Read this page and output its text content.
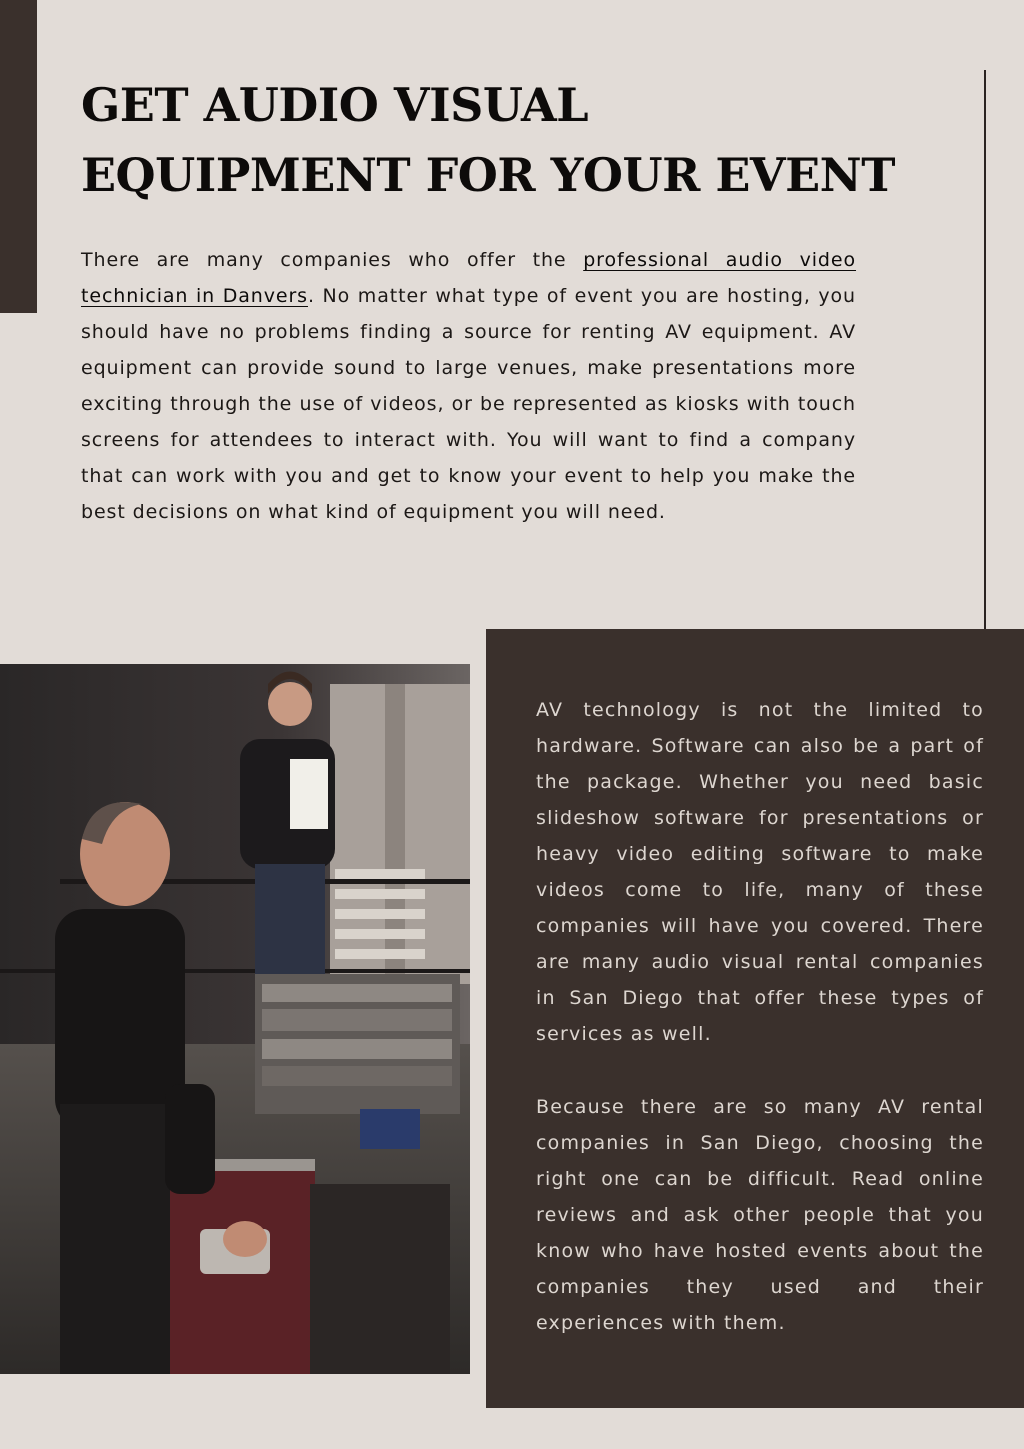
GET AUDIO VISUAL
EQUIPMENT FOR YOUR EVENT

There are many companies who offer the professional audio video technician in Danvers. No matter what type of event you are hosting, you should have no problems finding a source for renting AV equipment. AV equipment can provide sound to large venues, make presentations more exciting through the use of videos, or be represented as kiosks with touch screens for attendees to interact with. You will want to find a company that can work with you and get to know your event to help you make the best decisions on what kind of equipment you will need.

AV technology is not the limited to hardware. Software can also be a part of the package. Whether you need basic slideshow software for presentations or heavy video editing software to make videos come to life, many of these companies will have you covered. There are many audio visual rental companies in San Diego that offer these types of services as well.

Because there are so many AV rental companies in San Diego, choosing the right one can be difficult. Read online reviews and ask other people that you know who have hosted events about the companies they used and their experiences with them.
